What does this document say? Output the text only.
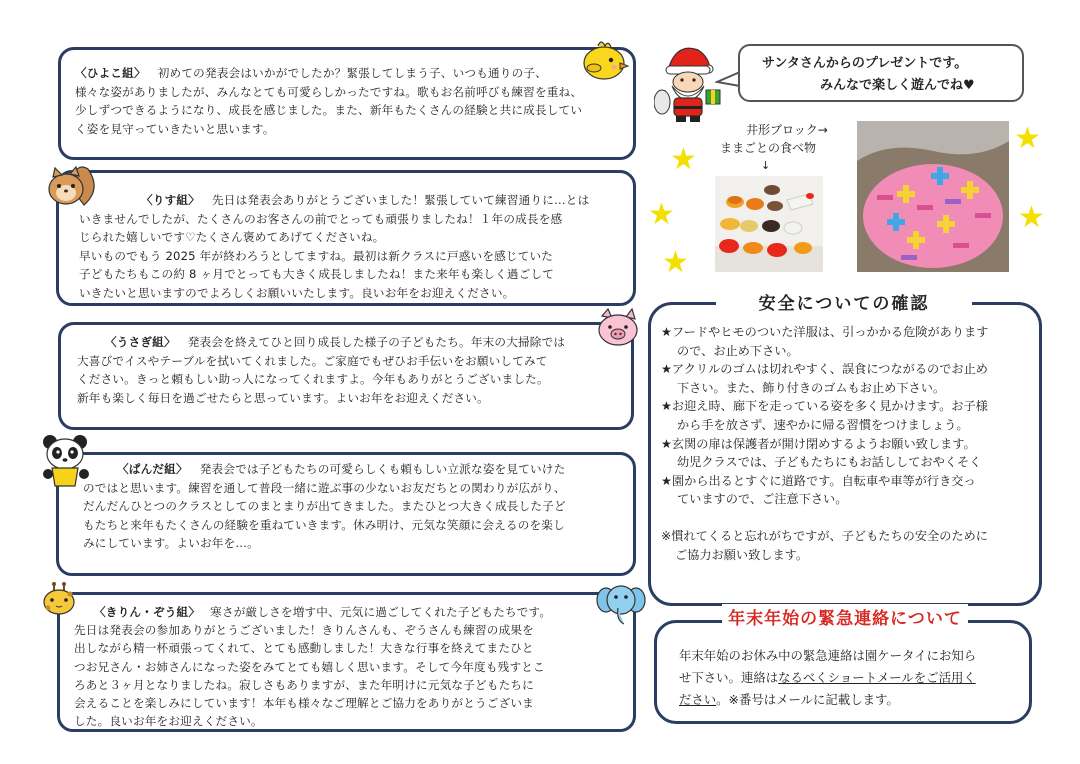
〈ひよこ組〉 初めての発表会はいかがでしたか？緊張してしまう子、いつも通りの子、

様々な姿がありましたが、みんなとても可愛らしかったですね。歌もお名前呼びも練習を重ね、

少しずつできるようになり、成長を感じました。また、新年もたくさんの経験と共に成長してい

く姿を見守っていきたいと思います。

〈りす組〉 先日は発表会ありがとうございました！緊張していて練習通りに…とは

いきませんでしたが、たくさんのお客さんの前でとっても頑張りましたね！１年の成長を感

じられた嬉しいです♡たくさん褒めてあげてくださいね。

早いものでもう 2025 年が終わろうとしてますね。最初は新クラスに戸惑いを感じていた

子どもたちもこの約 8 ヶ月でとっても大きく成長しましたね！また来年も楽しく過ごして

いきたいと思いますのでよろしくお願いいたします。良いお年をお迎えください。

〈うさぎ組〉 発表会を終えてひと回り成長した様子の子どもたち。年末の大掃除では

大喜びでイスやテーブルを拭いてくれました。ご家庭でもぜひお手伝いをお願いしてみて

ください。きっと頼もしい助っ人になってくれますよ。今年もありがとうございました。

新年も楽しく毎日を過ごせたらと思っています。よいお年をお迎えください。

〈ぱんだ組〉 発表会では子どもたちの可愛らしくも頼もしい立派な姿を見ていけた

のではと思います。練習を通して普段一緒に遊ぶ事の少ないお友だちとの関わりが広がり、

だんだんひとつのクラスとしてのまとまりが出てきました。またひとつ大きく成長した子ど

もたちと来年もたくさんの経験を重ねていきます。休み明け、元気な笑顔に会えるのを楽し

みにしています。よいお年を…。

〈きりん・ぞう組〉 寒さが厳しさを増す中、元気に過ごしてくれた子どもたちです。

先日は発表会の参加ありがとうございました！きりんさんも、ぞうさんも練習の成果を

出しながら精一杯頑張ってくれて、とても感動しました！大きな行事を終えてまたひと

つお兄さん・お姉さんになった姿をみてとても嬉しく思います。そして今年度も残すとこ

ろあと３ヶ月となりましたね。寂しさもありますが、また年明けに元気な子どもたちに

会えることを楽しみにしています！本年も様々なご理解とご協力をありがとうございま

した。良いお年をお迎えください。

サンタさんからのプレゼントです。

みんなで楽しく遊んでね♥

井形ブロック→
ままごとの食べ物
↓
★
★
★
★
★

★フードやヒモのついた洋服は、引っかかる危険があります
ので、お止め下さい。

★アクリルのゴムは切れやすく、誤食につながるのでお止め
下さい。また、飾り付きのゴムもお止め下さい。

★お迎え時、廊下を走っている姿を多く見かけます。お子様
から手を放さず、速やかに帰る習慣をつけましょう。

★玄関の扉は保護者が開け閉めするようお願い致します。
幼児クラスでは、子どもたちにもお話ししておやくそく

★園から出るとすぐに道路です。自転車や車等が行き交っ
ていますので、ご注意下さい。

※慣れてくると忘れがちですが、子どもたちの安全のために
ご協力お願い致します。

安全についての確認

年末年始のお休み中の緊急連絡は園ケータイにお知ら

せ下さい。連絡はなるべくショートメールをご活用く

ださい。※番号はメールに記載します。

年末年始の緊急連絡について
